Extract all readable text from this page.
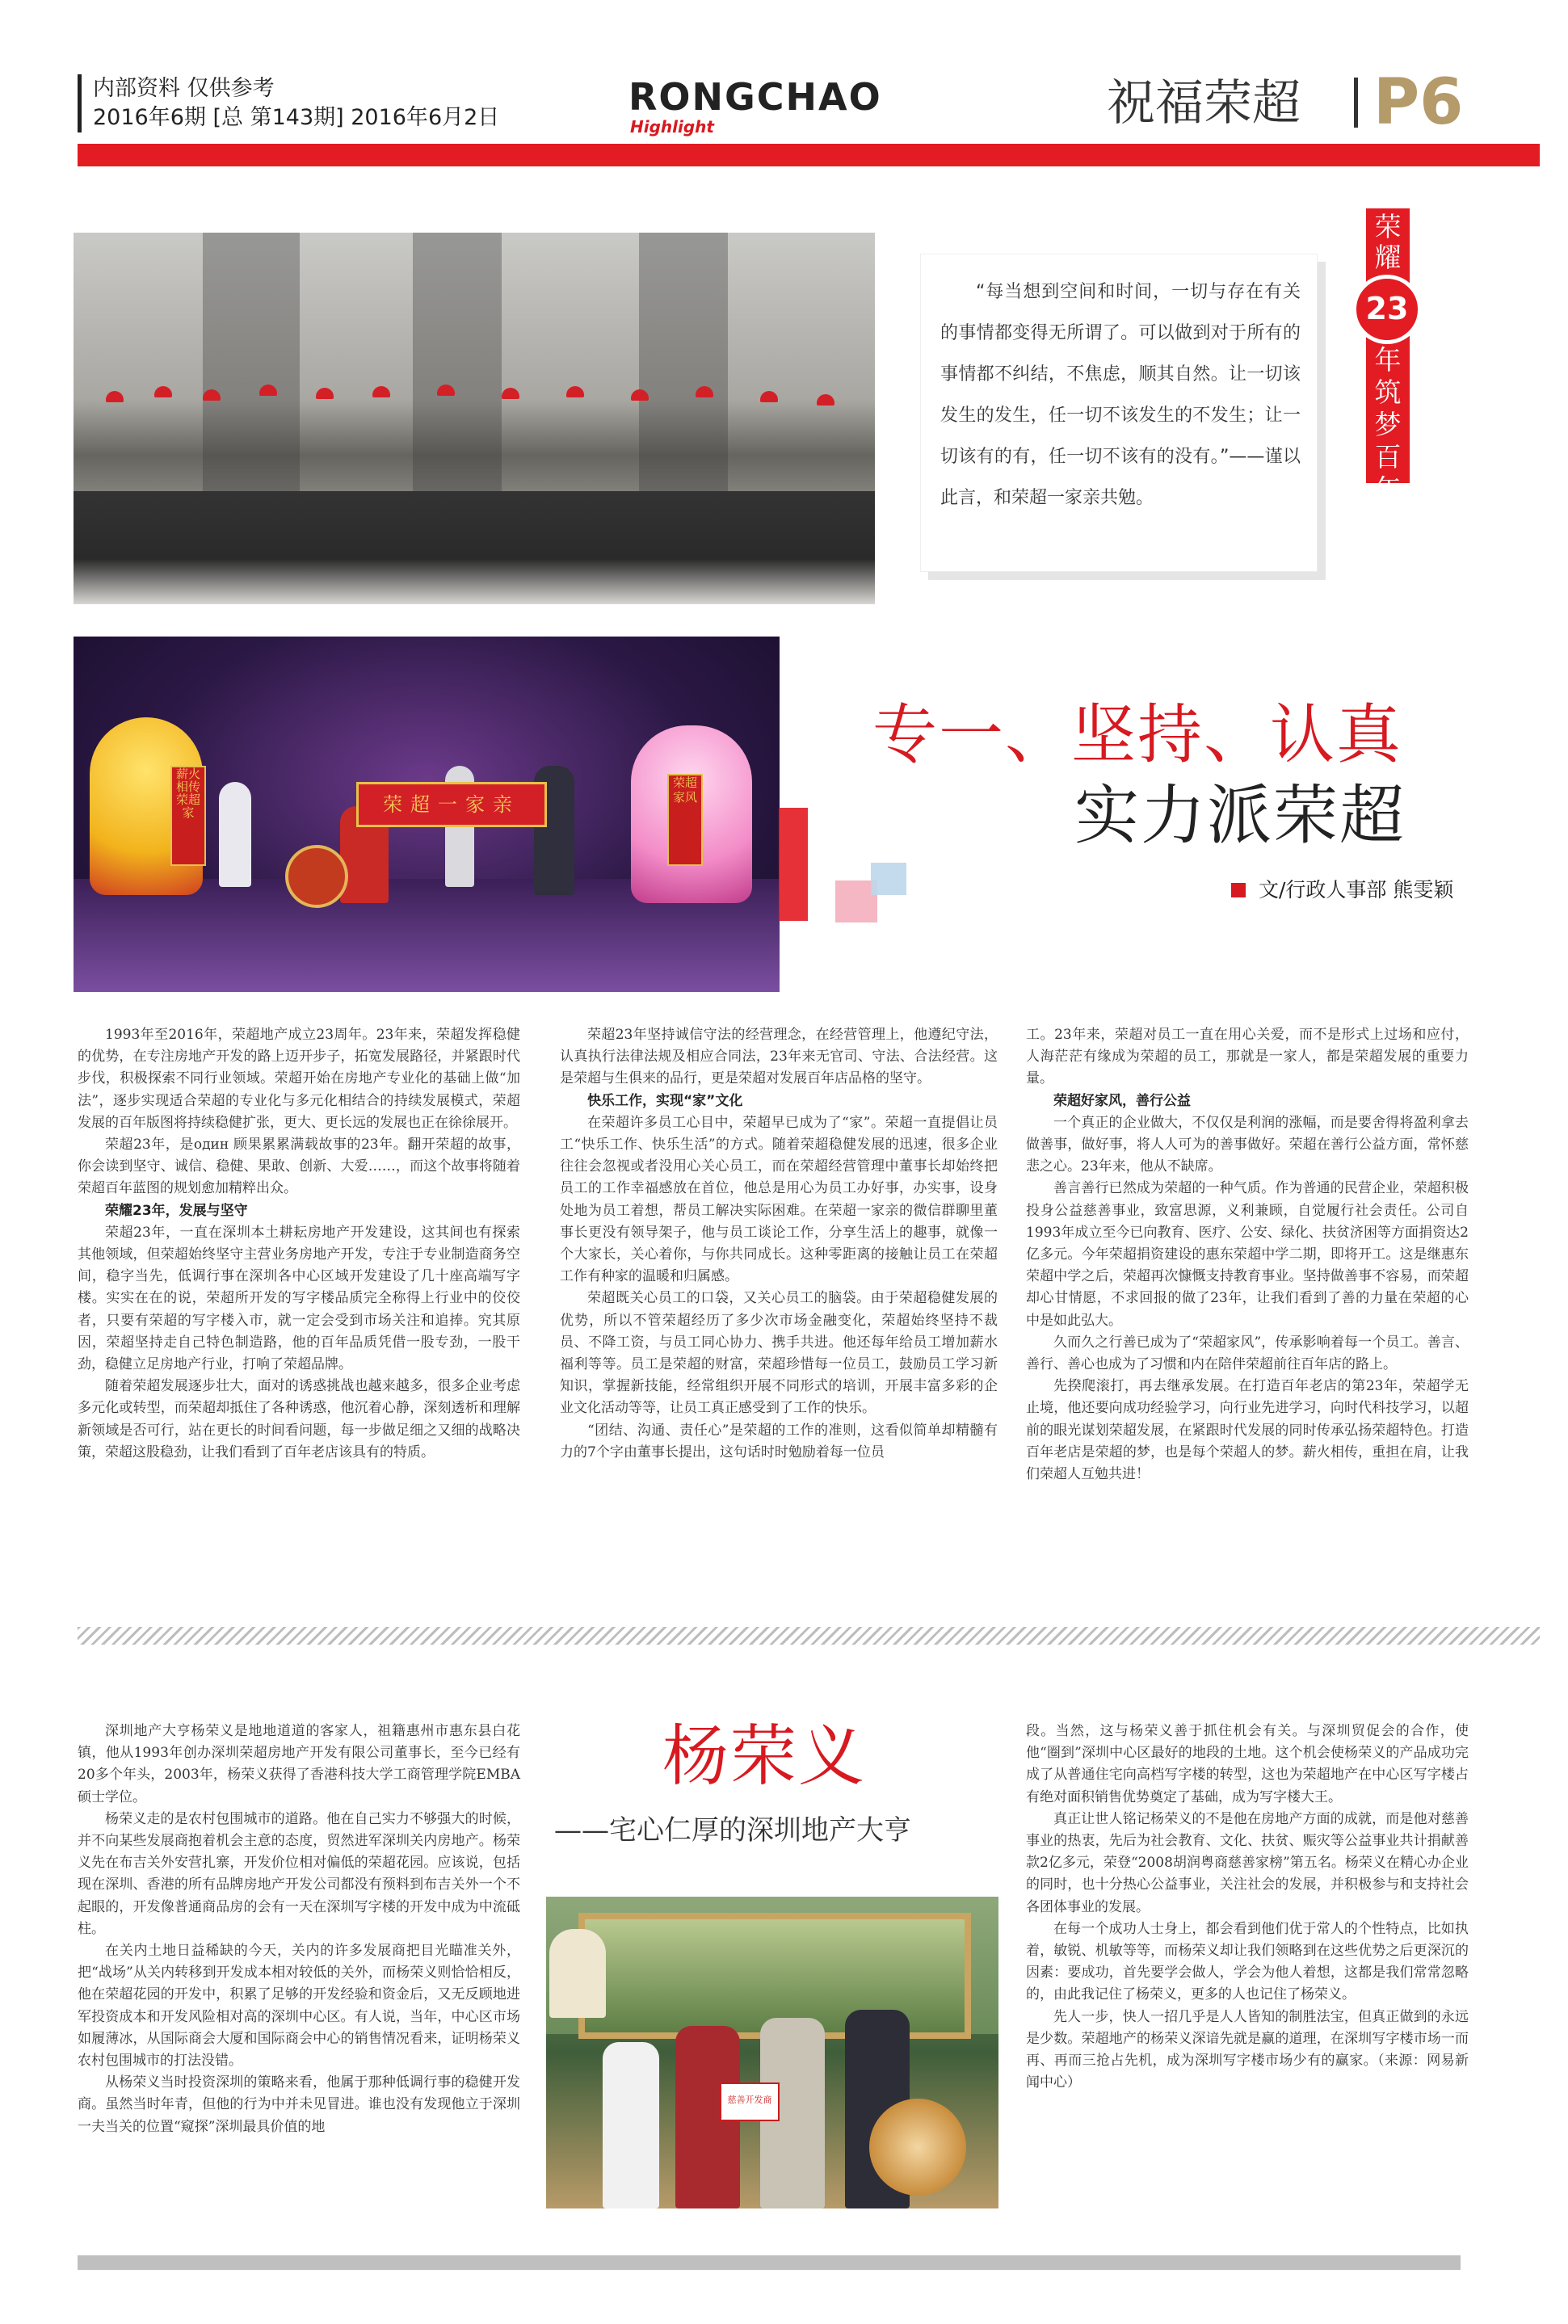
内部资料 仅供参考
2016年6期 [总 第143期] 2016年6月2日	RONGCHAO
Highlight	祝福荣超 P6
“每当想到空间和时间，一切与存在有关的事情都变得无所谓了。可以做到对于所有的事情都不纠结，不焦虑，顺其自然。让一切该发生的发生，任一切不该发生的不发生；让一切该有的有，任一切不该有的没有。”——谨以此言，和荣超一家亲共勉。
荣耀
年筑梦百年
23
薪火相传荣超家
荣超家风
荣超一家亲
专一、坚持、认真
实力派荣超
文/行政人事部 熊雯颖

1993年至2016年，荣超地产成立23周年。23年来，荣超发挥稳健的优势，在专注房地产开发的路上迈开步子，拓宽发展路径，并紧跟时代步伐，积极探索不同行业领域。荣超开始在房地产专业化的基础上做“加法”，逐步实现适合荣超的专业化与多元化相结合的持续发展模式，荣超发展的百年版图将持续稳健扩张，更大、更长远的发展也正在徐徐展开。

荣超23年，是один 顾果累累满载故事的23年。翻开荣超的故事，你会读到坚守、诚信、稳健、果敢、创新、大爱……，而这个故事将随着荣超百年蓝图的规划愈加精粹出众。

荣耀23年，发展与坚守

荣超23年，一直在深圳本土耕耘房地产开发建设，这其间也有探索其他领域，但荣超始终坚守主营业务房地产开发，专注于专业制造商务空间，稳字当先，低调行事在深圳各中心区域开发建设了几十座高端写字楼。实实在在的说，荣超所开发的写字楼品质完全称得上行业中的佼佼者，只要有荣超的写字楼入市，就一定会受到市场关注和追捧。究其原因，荣超坚持走自己特色制造路，他的百年品质凭借一股专劲，一股干劲，稳健立足房地产行业，打响了荣超品牌。

随着荣超发展逐步壮大，面对的诱惑挑战也越来越多，很多企业考虑多元化或转型，而荣超却抵住了各种诱惑，他沉着心静，深刻透析和理解新领域是否可行，站在更长的时间看问题，每一步做足细之又细的战略决策，荣超这股稳劲，让我们看到了百年老店该具有的特质。

荣超23年坚持诚信守法的经营理念，在经营管理上，他遵纪守法，认真执行法律法规及相应合同法，23年来无官司、守法、合法经营。这是荣超与生俱来的品行，更是荣超对发展百年店品格的坚守。

快乐工作，实现“家”文化

在荣超许多员工心目中，荣超早已成为了“家”。荣超一直提倡让员工“快乐工作、快乐生活”的方式。随着荣超稳健发展的迅速，很多企业往往会忽视或者没用心关心员工，而在荣超经营管理中董事长却始终把员工的工作幸福感放在首位，他总是用心为员工办好事，办实事，设身处地为员工着想，帮员工解决实际困难。在荣超一家亲的微信群聊里董事长更没有领导架子，他与员工谈论工作，分享生活上的趣事，就像一个大家长，关心着你，与你共同成长。这种零距离的接触让员工在荣超工作有种家的温暖和归属感。

荣超既关心员工的口袋，又关心员工的脑袋。由于荣超稳健发展的优势，所以不管荣超经历了多少次市场金融变化，荣超始终坚持不裁员、不降工资，与员工同心协力、携手共进。他还每年给员工增加薪水福利等等。员工是荣超的财富，荣超珍惜每一位员工，鼓励员工学习新知识，掌握新技能，经常组织开展不同形式的培训，开展丰富多彩的企业文化活动等等，让员工真正感受到了工作的快乐。

“团结、沟通、责任心”是荣超的工作的准则，这看似简单却精髓有力的7个字由董事长提出，这句话时时勉励着每一位员

工。23年来，荣超对员工一直在用心关爱，而不是形式上过场和应付，人海茫茫有缘成为荣超的员工，那就是一家人，都是荣超发展的重要力量。

荣超好家风，善行公益

一个真正的企业做大，不仅仅是利润的涨幅，而是要舍得将盈利拿去做善事，做好事，将人人可为的善事做好。荣超在善行公益方面，常怀慈悲之心。23年来，他从不缺席。

善言善行已然成为荣超的一种气质。作为普通的民营企业，荣超积极投身公益慈善事业，致富思源，义利兼顾，自觉履行社会责任。公司自1993年成立至今已向教育、医疗、公安、绿化、扶贫济困等方面捐资达2亿多元。今年荣超捐资建设的惠东荣超中学二期，即将开工。这是继惠东荣超中学之后，荣超再次慷慨支持教育事业。坚持做善事不容易，而荣超却心甘情愿，不求回报的做了23年，让我们看到了善的力量在荣超的心中是如此弘大。

久而久之行善已成为了“荣超家风”，传承影响着每一个员工。善言、善行、善心也成为了习惯和内在陪伴荣超前往百年店的路上。

先揆爬滚打，再去继承发展。在打造百年老店的第23年，荣超学无止境，他还要向成功经验学习，向行业先进学习，向时代科技学习，以超前的眼光谋划荣超发展，在紧跟时代发展的同时传承弘扬荣超特色。打造百年老店是荣超的梦，也是每个荣超人的梦。薪火相传，重担在肩，让我们荣超人互勉共进！

深圳地产大亨杨荣义是地地道道的客家人，祖籍惠州市惠东县白花镇，他从1993年创办深圳荣超房地产开发有限公司董事长，至今已经有20多个年头，2003年，杨荣义获得了香港科技大学工商管理学院EMBA硕士学位。

杨荣义走的是农村包围城市的道路。他在自己实力不够强大的时候，并不向某些发展商抱着机会主意的态度，贸然进军深圳关内房地产。杨荣义先在布吉关外安营扎寨，开发价位相对偏低的荣超花园。应该说，包括现在深圳、香港的所有品牌房地产开发公司都没有预料到布吉关外一个不起眼的，开发像普通商品房的会有一天在深圳写字楼的开发中成为中流砥柱。

在关内土地日益稀缺的今天，关内的许多发展商把目光瞄准关外，把“战场”从关内转移到开发成本相对较低的关外，而杨荣义则恰恰相反，他在荣超花园的开发中，积累了足够的开发经验和资金后，又无反顾地进军投资成本和开发风险相对高的深圳中心区。有人说，当年，中心区市场如履薄冰，从国际商会大厦和国际商会中心的销售情况看来，证明杨荣义农村包围城市的打法没错。

从杨荣义当时投资深圳的策略来看，他属于那种低调行事的稳健开发商。虽然当时年青，但他的行为中并未见冒进。谁也没有发现他立于深圳一夫当关的位置“窥探”深圳最具价值的地

杨荣义
——宅心仁厚的深圳地产大亨
慈善开发商

段。当然，这与杨荣义善于抓住机会有关。与深圳贸促会的合作，使他“圈到”深圳中心区最好的地段的土地。这个机会使杨荣义的产品成功完成了从普通住宅向高档写字楼的转型，这也为荣超地产在中心区写字楼占有绝对面积销售优势奠定了基础，成为写字楼大王。

真正让世人铭记杨荣义的不是他在房地产方面的成就，而是他对慈善事业的热衷，先后为社会教育、文化、扶贫、赈灾等公益事业共计捐献善款2亿多元，荣登“2008胡润粤商慈善家榜”第五名。杨荣义在精心办企业的同时，也十分热心公益事业，关注社会的发展，并积极参与和支持社会各团体事业的发展。

在每一个成功人士身上，都会看到他们优于常人的个性特点，比如执着，敏锐、机敏等等，而杨荣义却让我们领略到在这些优势之后更深沉的因素：要成功，首先要学会做人，学会为他人着想，这都是我们常常忽略的，由此我记住了杨荣义，更多的人也记住了杨荣义。

先人一步，快人一招几乎是人人皆知的制胜法宝，但真正做到的永远是少数。荣超地产的杨荣义深谙先就是赢的道理，在深圳写字楼市场一而再、再而三抢占先机，成为深圳写字楼市场少有的赢家。（来源：网易新闻中心）
